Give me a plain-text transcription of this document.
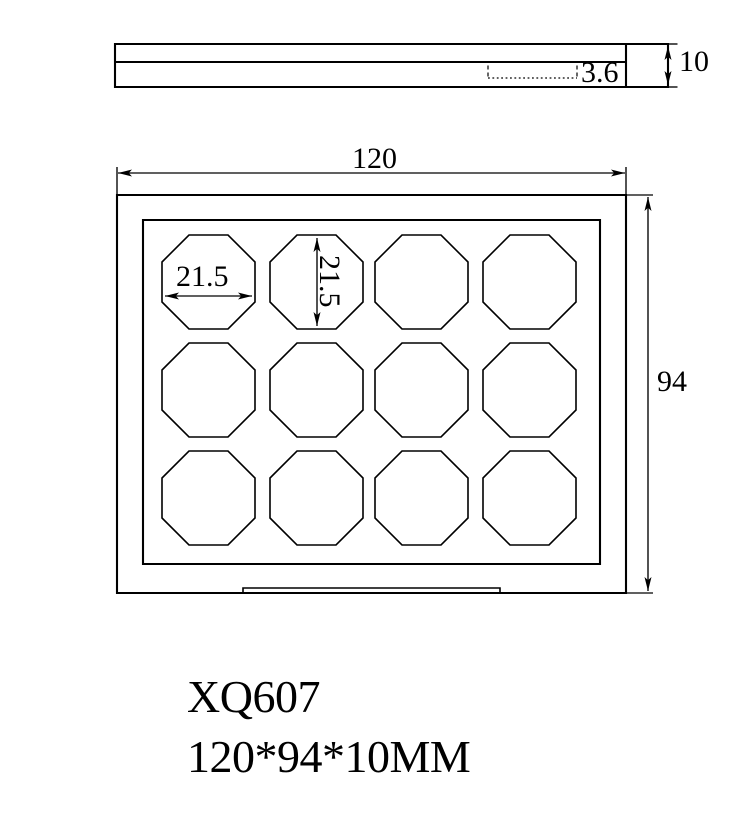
120
94
10
3.6
21.5	21.5
XQ607
120*94*10MM
